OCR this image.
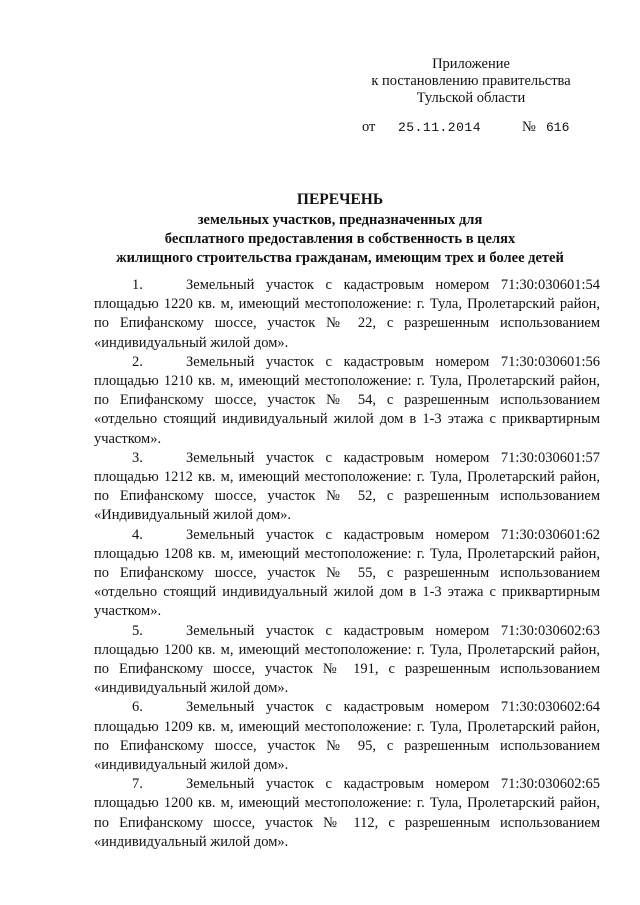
Приложение
к постановлению правительства
Тульской области
от 25.11.2014	№ 616
ПЕРЕЧЕНЬ
земельных участков, предназначенных для
бесплатного предоставления в собственность в целях
жилищного строительства гражданам, имеющим трех и более детей

1.	Земельный участок с кадастровым номером 71:30:030601:54 площадью 1220 кв. м, имеющий местоположение: г. Тула, Пролетарский район, по Епифанскому шоссе, участок № 22, с разрешенным использованием «индивидуальный жилой дом».

2.	Земельный участок с кадастровым номером 71:30:030601:56 площадью 1210 кв. м, имеющий местоположение: г. Тула, Пролетарский район, по Епифанскому шоссе, участок № 54, с разрешенным использованием «отдельно стоящий индивидуальный жилой дом в 1-3 этажа с приквартирным участком».

3.	Земельный участок с кадастровым номером 71:30:030601:57 площадью 1212 кв. м, имеющий местоположение: г. Тула, Пролетарский район, по Епифанскому шоссе, участок № 52, с разрешенным использованием «Индивидуальный жилой дом».

4.	Земельный участок с кадастровым номером 71:30:030601:62 площадью 1208 кв. м, имеющий местоположение: г. Тула, Пролетарский район, по Епифанскому шоссе, участок № 55, с разрешенным использованием «отдельно стоящий индивидуальный жилой дом в 1-3 этажа с приквартирным участком».

5.	Земельный участок с кадастровым номером 71:30:030602:63 площадью 1200 кв. м, имеющий местоположение: г. Тула, Пролетарский район, по Епифанскому шоссе, участок № 191, с разрешенным использованием «индивидуальный жилой дом».

6.	Земельный участок с кадастровым номером 71:30:030602:64 площадью 1209 кв. м, имеющий местоположение: г. Тула, Пролетарский район, по Епифанскому шоссе, участок № 95, с разрешенным использованием «индивидуальный жилой дом».

7.	Земельный участок с кадастровым номером 71:30:030602:65 площадью 1200 кв. м, имеющий местоположение: г. Тула, Пролетарский район, по Епифанскому шоссе, участок № 112, с разрешенным использованием «индивидуальный жилой дом».
